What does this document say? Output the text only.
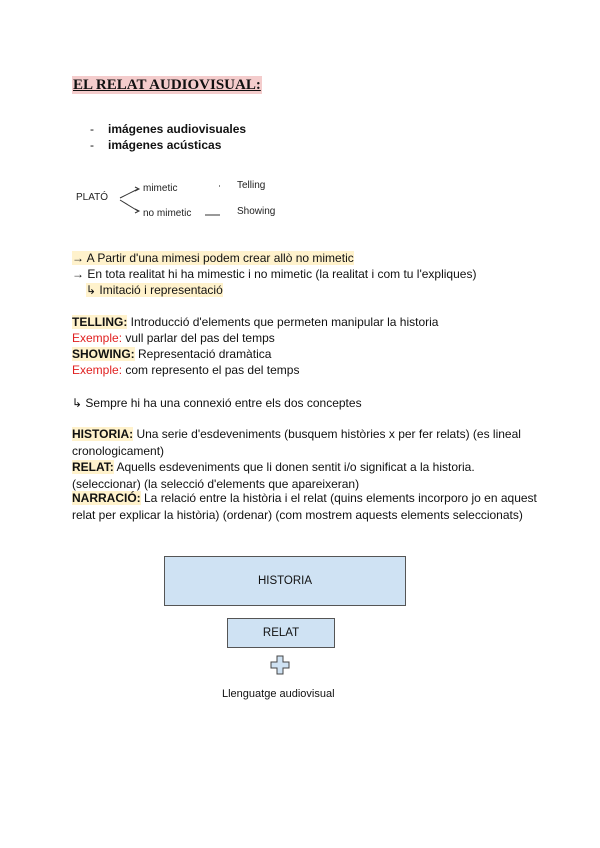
EL RELAT AUDIOVISUAL:
- imágenes audiovisuales
- imágenes acústicas
PLATÓ
mimetic
no mimetic
Telling
Showing
→ A Partir d'una mimesi podem crear allò no mimetic
→ En tota realitat hi ha mimestic i no mimetic (la realitat i com tu l'expliques)
↳ Imitació i representació
TELLING: Introducció d'elements que permeten manipular la historia
Exemple: vull parlar del pas del temps
SHOWING: Representació dramàtica
Exemple: com represento el pas del temps
↳ Sempre hi ha una connexió entre els dos conceptes
HISTORIA: Una serie d'esdeveniments (busquem històries x per fer relats) (es lineal cronologicament)
RELAT: Aquells esdeveniments que li donen sentit i/o significat a la historia. (seleccionar) (la selecció d'elements que apareixeran)
NARRACIÓ: La relació entre la història i el relat (quins elements incorporo jo en aquest relat per explicar la història) (ordenar) (com mostrem aquests elements seleccionats)
HISTORIA
RELAT
Llenguatge audiovisual
